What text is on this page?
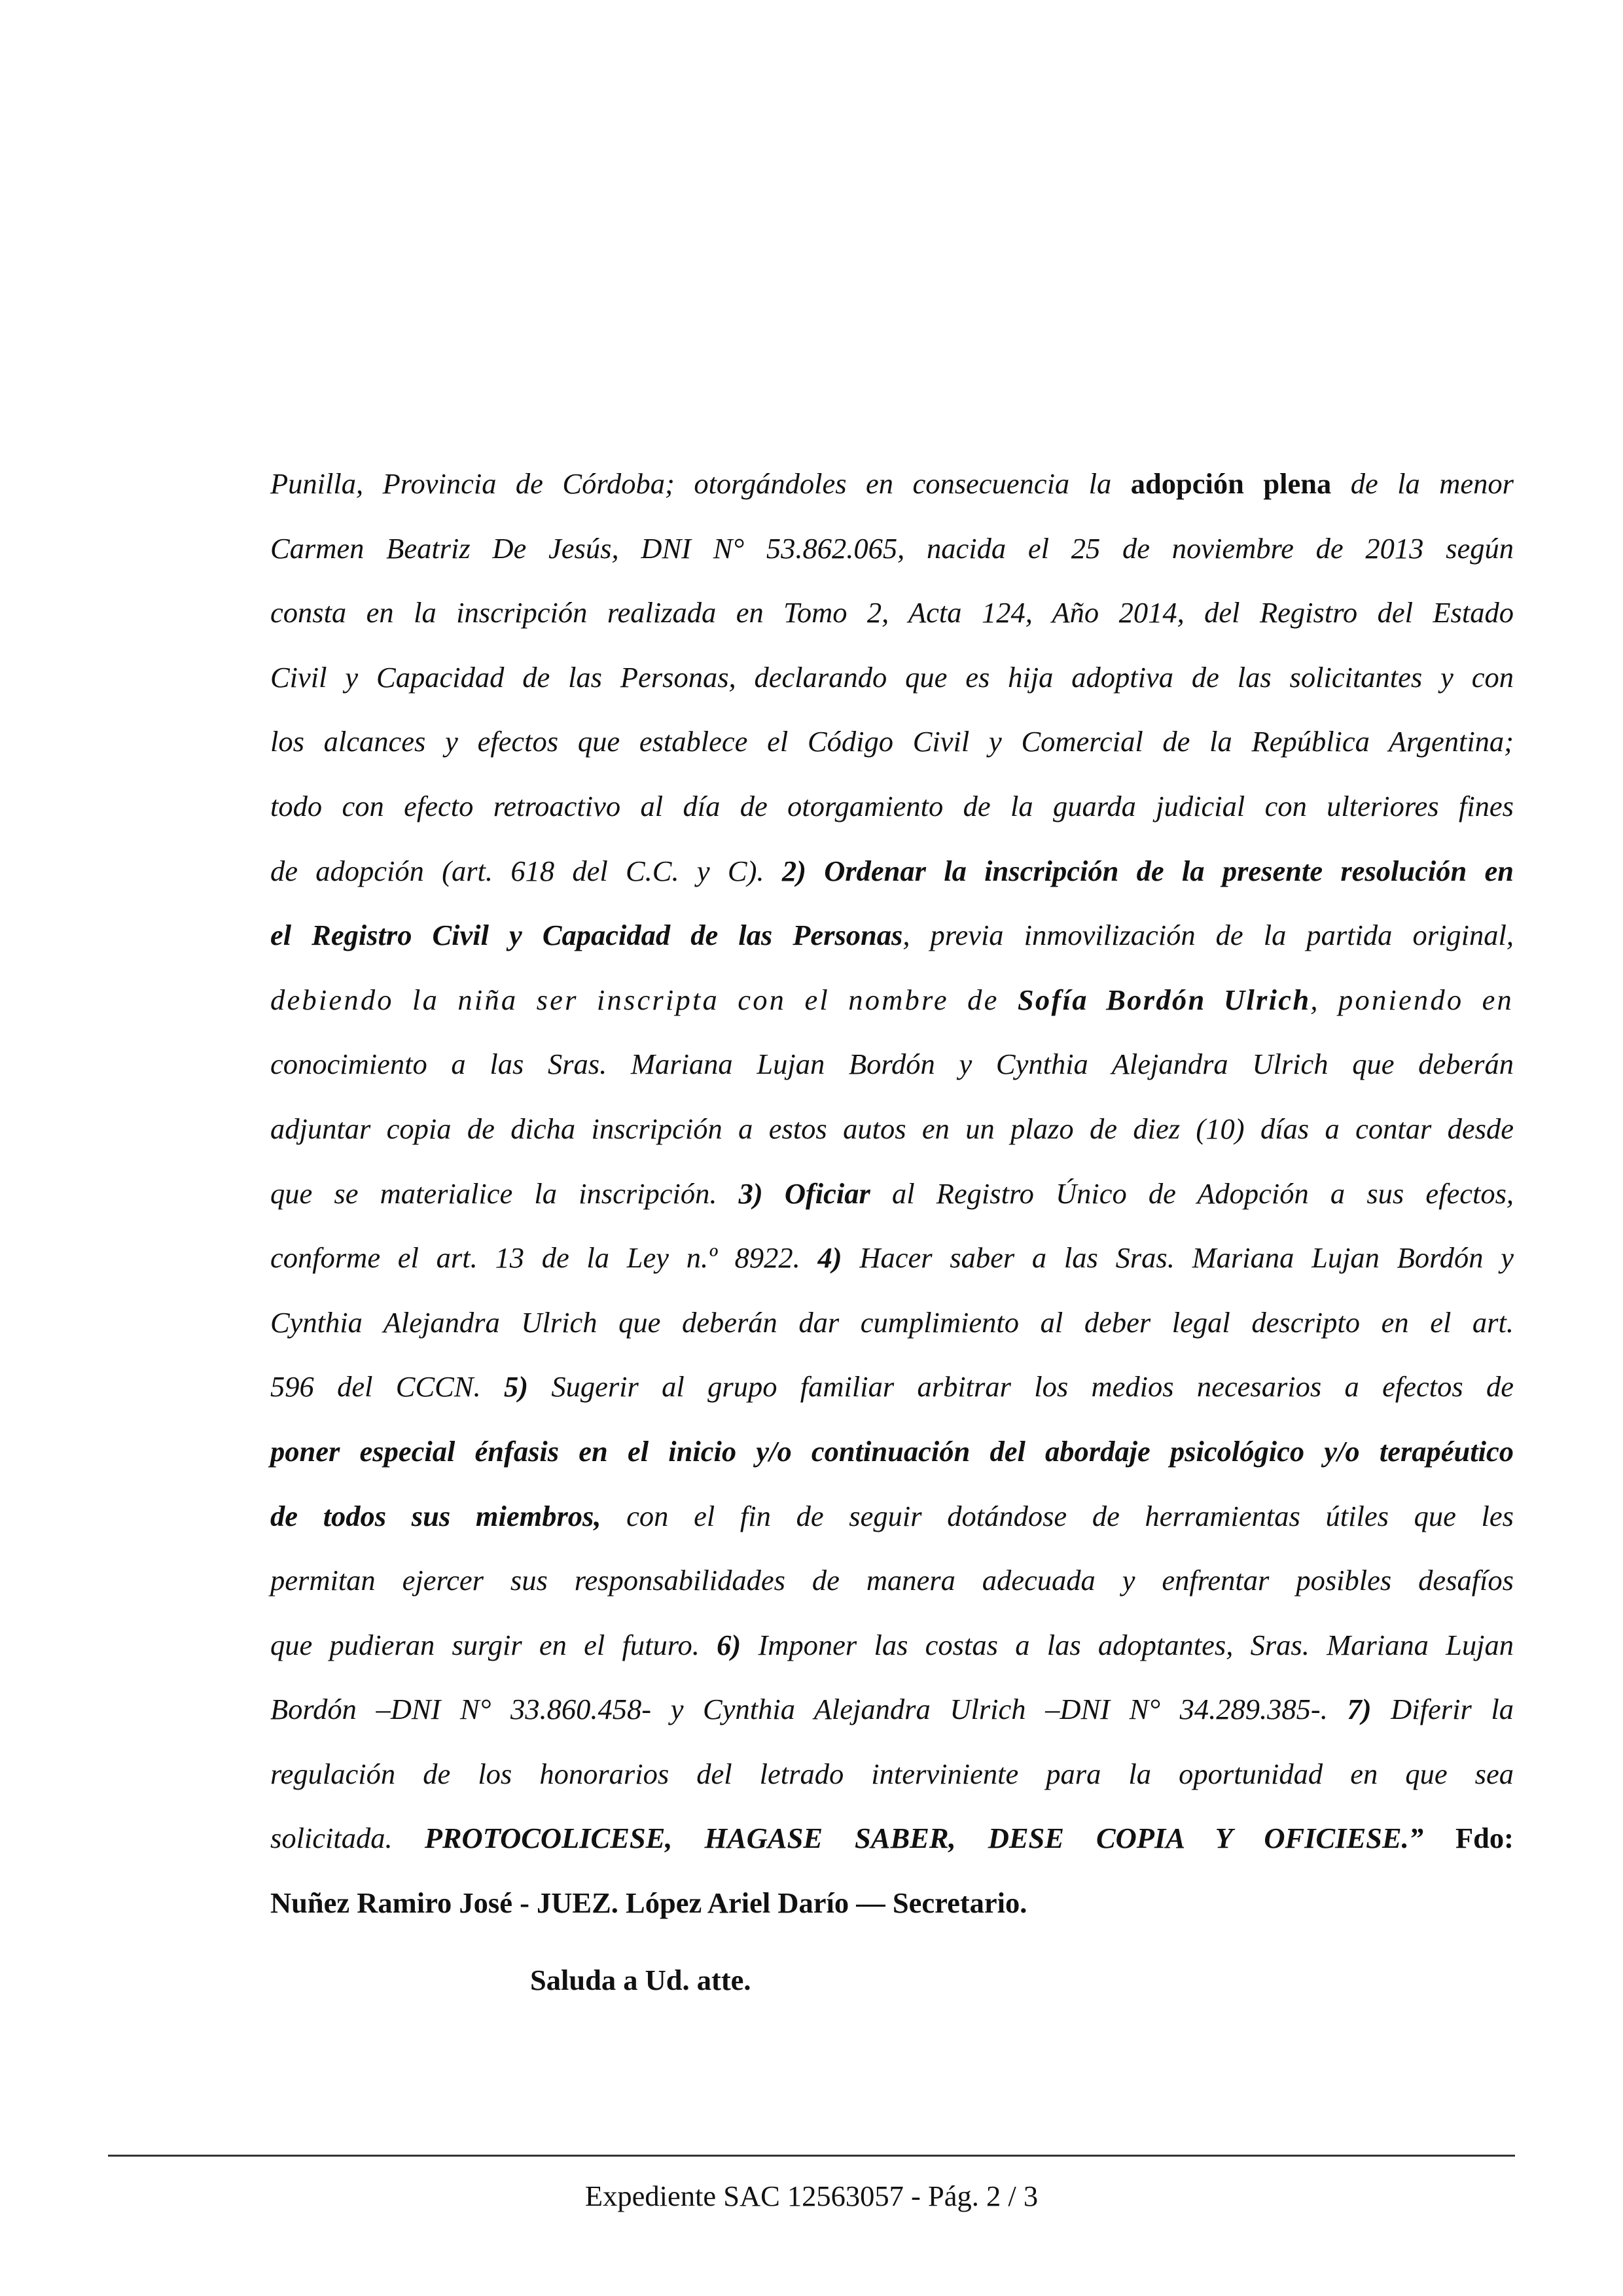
Punilla, Provincia de Córdoba; otorgándoles en consecuencia la adopción plena de la menor
Carmen Beatriz De Jesús, DNI N° 53.862.065, nacida el 25 de noviembre de 2013 según
consta en la inscripción realizada en Tomo 2, Acta 124, Año 2014, del Registro del Estado
Civil y Capacidad de las Personas, declarando que es hija adoptiva de las solicitantes y con
los alcances y efectos que establece el Código Civil y Comercial de la República Argentina;
todo con efecto retroactivo al día de otorgamiento de la guarda judicial con ulteriores fines
de adopción (art. 618 del C.C. y C). 2) Ordenar la inscripción de la presente resolución en
el Registro Civil y Capacidad de las Personas, previa inmovilización de la partida original,
debiendo la niña ser inscripta con el nombre de Sofía Bordón Ulrich, poniendo en
conocimiento a las Sras. Mariana Lujan Bordón y Cynthia Alejandra Ulrich que deberán
adjuntar copia de dicha inscripción a estos autos en un plazo de diez (10) días a contar desde
que se materialice la inscripción. 3) Oficiar al Registro Único de Adopción a sus efectos,
conforme el art. 13 de la Ley n.º 8922. 4) Hacer saber a las Sras. Mariana Lujan Bordón y
Cynthia Alejandra Ulrich que deberán dar cumplimiento al deber legal descripto en el art.
596 del CCCN. 5) Sugerir al grupo familiar arbitrar los medios necesarios a efectos de
poner especial énfasis en el inicio y/o continuación del abordaje psicológico y/o terapéutico
de todos sus miembros, con el fin de seguir dotándose de herramientas útiles que les
permitan ejercer sus responsabilidades de manera adecuada y enfrentar posibles desafíos
que pudieran surgir en el futuro. 6) Imponer las costas a las adoptantes, Sras. Mariana Lujan
Bordón –DNI N° 33.860.458- y Cynthia Alejandra Ulrich –DNI N° 34.289.385-. 7) Diferir la
regulación de los honorarios del letrado interviniente para la oportunidad en que sea
solicitada. PROTOCOLICESE, HAGASE SABER, DESE COPIA Y OFICIESE.” Fdo:
Nuñez Ramiro José - JUEZ. López Ariel Darío — Secretario.
Saluda a Ud. atte.
Expediente SAC 12563057 - Pág. 2 / 3
